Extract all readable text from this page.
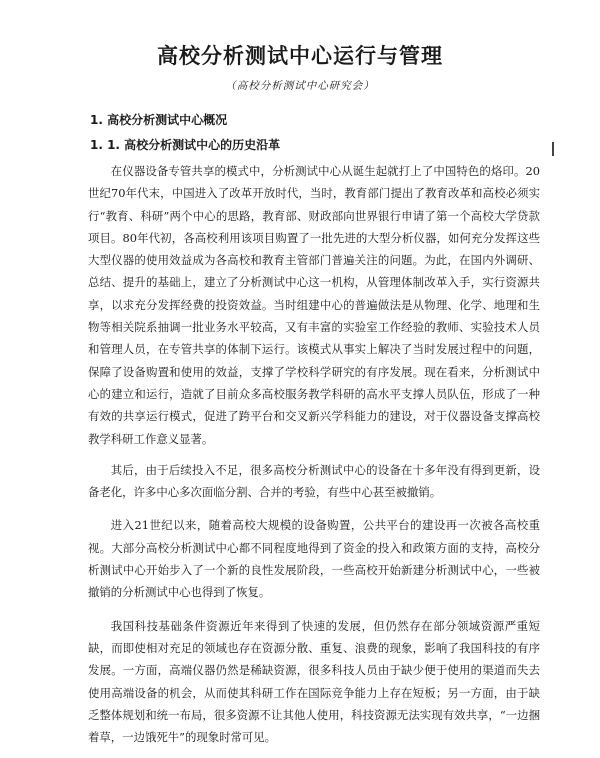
高校分析测试中心运行与管理
（高校分析测试中心研究会）
1. 高校分析测试中心概况
1. 1. 高校分析测试中心的历史沿革

在仪器设备专管共享的模式中，分析测试中心从诞生起就打上了中国特色的烙印。20世纪70年代末，中国进入了改革开放时代，当时，教育部门提出了教育改革和高校必须实行“教育、科研”两个中心的思路，教育部、财政部向世界银行申请了第一个高校大学贷款项目。80年代初，各高校利用该项目购置了一批先进的大型分析仪器，如何充分发挥这些大型仪器的使用效益成为各高校和教育主管部门普遍关注的问题。为此，在国内外调研、总结、提升的基础上，建立了分析测试中心这一机构，从管理体制改革入手，实行资源共享，以求充分发挥经费的投资效益。当时组建中心的普遍做法是从物理、化学、地理和生物等相关院系抽调一批业务水平较高，又有丰富的实验室工作经验的教师、实验技术人员和管理人员，在专管共享的体制下运行。该模式从事实上解决了当时发展过程中的问题，保障了设备购置和使用的效益，支撑了学校科学研究的有序发展。现在看来，分析测试中心的建立和运行，造就了目前众多高校服务教学科研的高水平支撑人员队伍，形成了一种有效的共享运行模式，促进了跨平台和交叉新兴学科能力的建设，对于仪器设备支撑高校教学科研工作意义显著。

其后，由于后续投入不足，很多高校分析测试中心的设备在十多年没有得到更新，设备老化，许多中心多次面临分割、合并的考验，有些中心甚至被撤销。

进入21世纪以来，随着高校大规模的设备购置，公共平台的建设再一次被各高校重视。大部分高校分析测试中心都不同程度地得到了资金的投入和政策方面的支持，高校分析测试中心开始步入了一个新的良性发展阶段，一些高校开始新建分析测试中心，一些被撤销的分析测试中心也得到了恢复。

我国科技基础条件资源近年来得到了快速的发展，但仍然存在部分领域资源严重短缺，而即使相对充足的领域也存在资源分散、重复、浪费的现象，影响了我国科技的有序发展。一方面，高端仪器仍然是稀缺资源，很多科技人员由于缺少便于使用的渠道而失去使用高端设备的机会，从而使其科研工作在国际竞争能力上存在短板；另一方面，由于缺乏整体规划和统一布局，很多资源不让其他人使用，科技资源无法实现有效共享，“一边捆着草，一边饿死牛”的现象时常可见。
